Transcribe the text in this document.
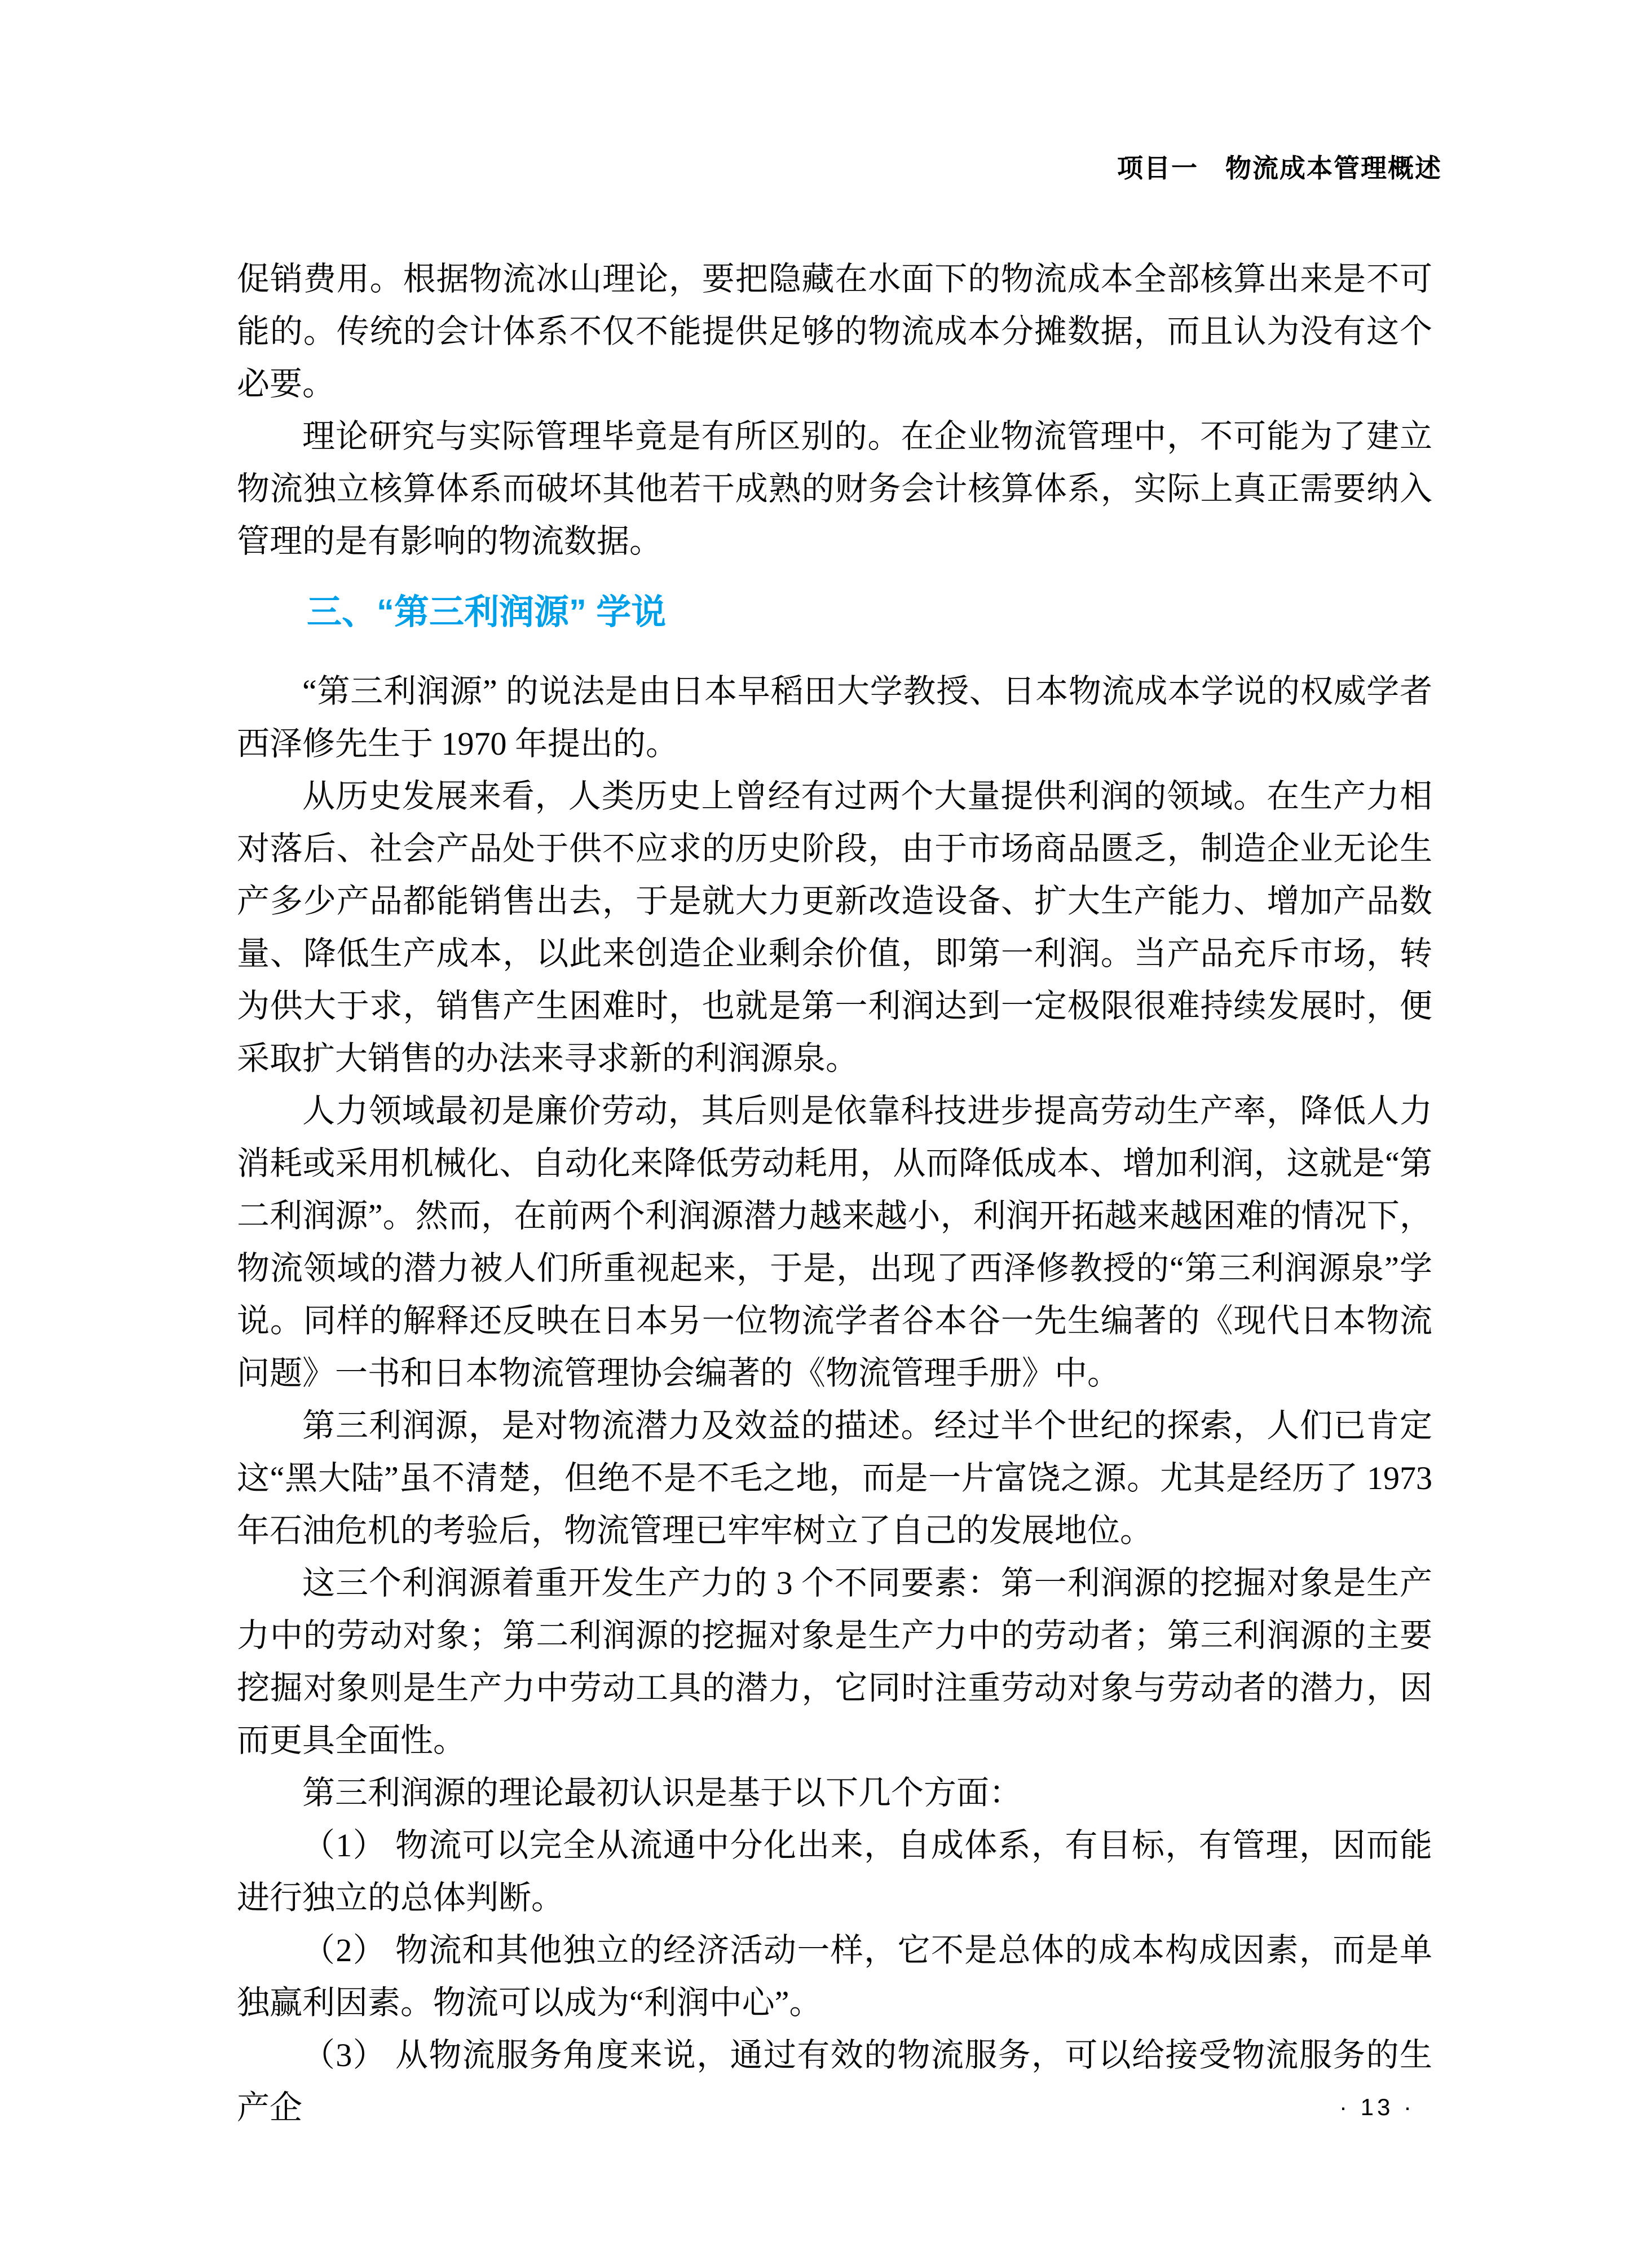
项目一　物流成本管理概述

促销费用。根据物流冰山理论，要把隐藏在水面下的物流成本全部核算出来是不可能的。传统的会计体系不仅不能提供足够的物流成本分摊数据，而且认为没有这个必要。

理论研究与实际管理毕竟是有所区别的。在企业物流管理中，不可能为了建立物流独立核算体系而破坏其他若干成熟的财务会计核算体系，实际上真正需要纳入管理的是有影响的物流数据。

三、“第三利润源” 学说

“第三利润源” 的说法是由日本早稻田大学教授、日本物流成本学说的权威学者西泽修先生于 1970 年提出的。

从历史发展来看，人类历史上曾经有过两个大量提供利润的领域。在生产力相对落后、社会产品处于供不应求的历史阶段，由于市场商品匮乏，制造企业无论生产多少产品都能销售出去，于是就大力更新改造设备、扩大生产能力、增加产品数量、降低生产成本，以此来创造企业剩余价值，即第一利润。当产品充斥市场，转为供大于求，销售产生困难时，也就是第一利润达到一定极限很难持续发展时，便采取扩大销售的办法来寻求新的利润源泉。

人力领域最初是廉价劳动，其后则是依靠科技进步提高劳动生产率，降低人力消耗或采用机械化、自动化来降低劳动耗用，从而降低成本、增加利润，这就是“第二利润源”。然而，在前两个利润源潜力越来越小，利润开拓越来越困难的情况下，物流领域的潜力被人们所重视起来，于是，出现了西泽修教授的“第三利润源泉”学说。同样的解释还反映在日本另一位物流学者谷本谷一先生编著的《现代日本物流问题》一书和日本物流管理协会编著的《物流管理手册》中。

第三利润源，是对物流潜力及效益的描述。经过半个世纪的探索，人们已肯定这“黑大陆”虽不清楚，但绝不是不毛之地，而是一片富饶之源。尤其是经历了 1973 年石油危机的考验后，物流管理已牢牢树立了自己的发展地位。

这三个利润源着重开发生产力的 3 个不同要素：第一利润源的挖掘对象是生产力中的劳动对象；第二利润源的挖掘对象是生产力中的劳动者；第三利润源的主要挖掘对象则是生产力中劳动工具的潜力，它同时注重劳动对象与劳动者的潜力，因而更具全面性。

第三利润源的理论最初认识是基于以下几个方面：

（1） 物流可以完全从流通中分化出来，自成体系，有目标，有管理，因而能进行独立的总体判断。

（2） 物流和其他独立的经济活动一样，它不是总体的成本构成因素，而是单独赢利因素。物流可以成为“利润中心”。

（3） 从物流服务角度来说，通过有效的物流服务，可以给接受物流服务的生产企	· 13 ·
